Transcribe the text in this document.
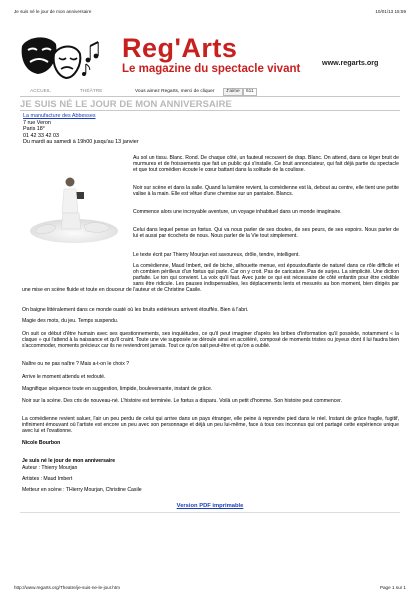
Je suis né le jour de mon anniversaire	10/01/13 15:59
Reg'Arts
Le magazine du spectacle vivant
www.regarts.org
ACCUEIL	THÉÂTRE	Vous aimez Regarts, merci de cliquer	J'aime	611
JE SUIS NÉ LE JOUR DE MON ANNIVERSAIRE
La manufacture des Abbesses
7 rue Veron
Paris 18°
01 42 33 42 03
Du mardi au samedi à 19h00 jusqu'au 13 janvier
Au sol un tissu. Blanc. Rond. De chaque côté, un fauteuil recouvert de drap. Blanc. On attend, dans ce léger bruit de murmures et de froissements que fait un public qui s'installe. Ce bruit annonciateur, qui fait déjà partie du spectacle et que tout comédien écoute le cœur battant dans la solitude de la coulisse.
Noir sur scène et dans la salle. Quand la lumière revient, la comédienne est là, debout au centre, elle tient une petite valise à la main. Elle est vêtue d'une chemise sur un pantalon. Blancs.
Commence alors une incroyable aventure, un voyage inhabituel dans un monde imaginaire.
Celui dans lequel pense un fœtus. Qui va nous parler de ses doutes, de ses peurs, de ses espoirs. Nous parler de lui et aussi par ricochets de nous. Nous parler de la Vie tout simplement.
Le texte écrit par Thierry Mourjan est savoureux, drôle, tendre, intelligent.
La comédienne, Maud Imbert, œil de biche, silhouette menue, est époustouflante de naturel dans ce rôle difficile et oh combien périlleux d'un fœtus qui parle. Car on y croit. Pas de caricature. Pas de surjeu. La simplicité. Une diction parfaite. Le ton qui convient. La voix qu'il faut. Avec juste ce qui est nécessaire de côté enfantin pour être crédible sans être ridicule. Les pauses indispensables, les déplacements lents et mesurés au bon moment, bien dirigés par une mise en scène fluide et toute en douceur de l'auteur et de Christine Casile.
On baigne littéralement dans ce monde ouaté où les bruits extérieurs arrivent étouffés. Bien à l'abri.
Magie des mots, du jeu. Temps suspendu.
On suit ce début d'être humain avec ses questionnements, ses inquiétudes, ce qu'il peut imaginer d'après les bribes d'information qu'il possède, notamment « la claque » qui l'attend à la naissance et qu'il craint. Toute une vie supposée se déroule ainsi en accéléré, composé de moments tristes ou joyeux dont il lui faudra bien s'accommoder, moments précieux car ils ne reviendront jamais. Tout ce qu'on sait peut-être et qu'on a oublié.
Naître ou ne pas naître ? Mais a-t-on le choix ?
Arrive le moment attendu et redouté.
Magnifique séquence toute en suggestion, limpide, bouleversante, instant de grâce.
Noir sur la scène. Des cris de nouveau-né. L'histoire est terminée. Le fœtus a disparu. Voilà un petit d'homme. Son histoire peut commencer.
La comédienne revient saluer, l'air un peu perdu de celui qui arrive dans un pays étranger, elle peine à reprendre pied dans le réel. Instant de grâce fragile, fugitif, infiniment émouvant où l'artiste est encore un peu avec son personnage et déjà un peu lui-même, face à tous ces inconnus qui ont partagé cette expérience unique avec lui et l'ovationne.
Nicole Bourbon
Je suis né le jour de mon anniversaire
Auteur : Thierry Mourjan
Artistes : Maud Imbert
Metteur en scène : THierry Mourjan, Christine Casile
Version PDF imprimable
http://www.regarts.org/Theatre/je-suis-ne-le-jour.htm	Page 1 sur 1
